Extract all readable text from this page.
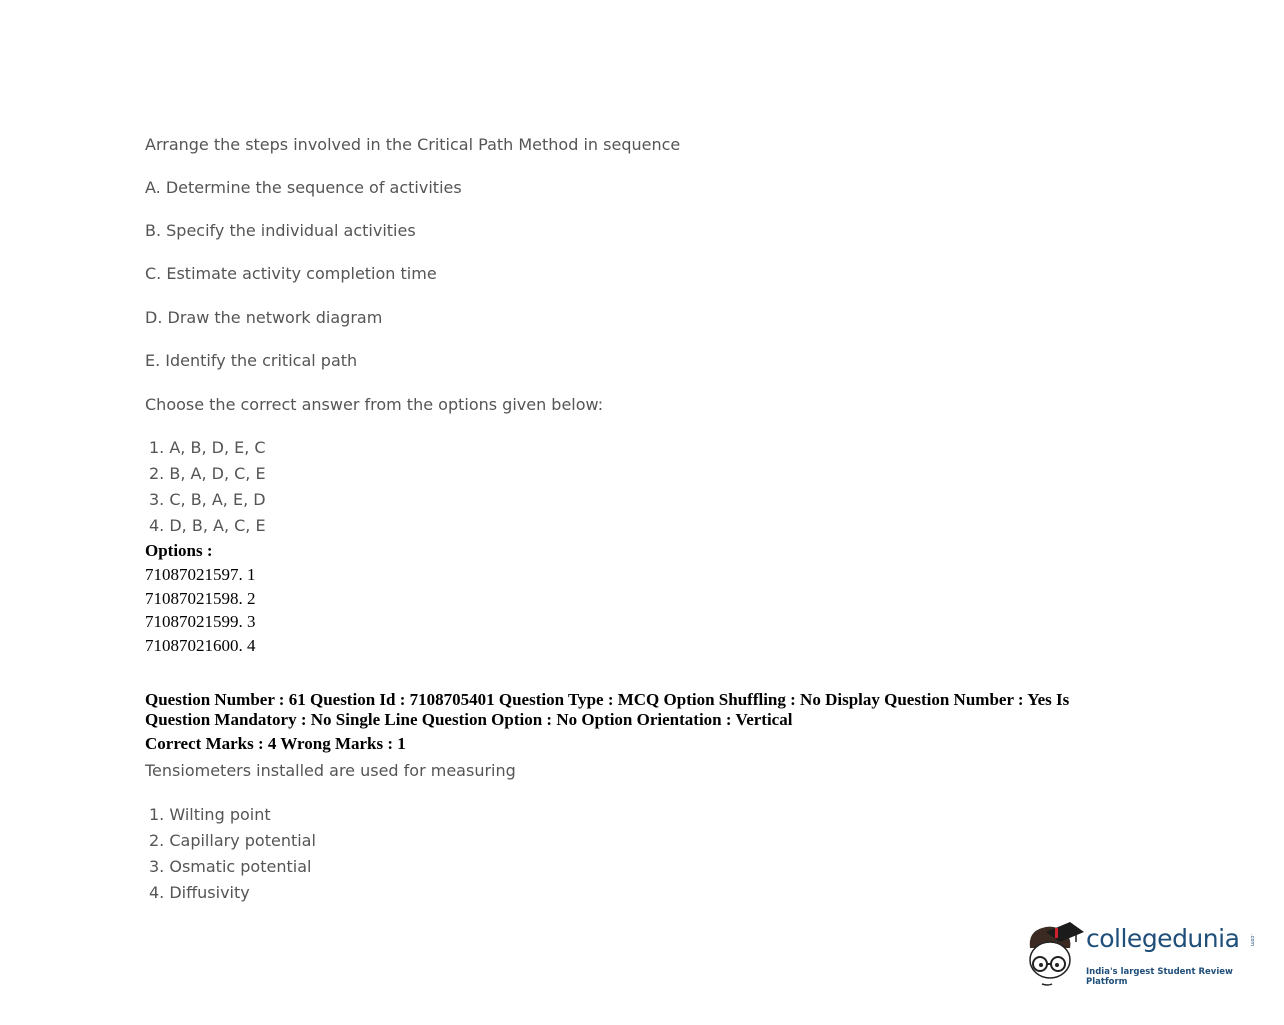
Arrange the steps involved in the Critical Path Method in sequence
A. Determine the sequence of activities
B. Specify the individual activities
C. Estimate activity completion time
D. Draw the network diagram
E. Identify the critical path
Choose the correct answer from the options given below:
1. A, B, D, E, C
2. B, A, D, C, E
3. C, B, A, E, D
4. D, B, A, C, E
Options :
71087021597. 1
71087021598. 2
71087021599. 3
71087021600. 4
Question Number : 61 Question Id : 7108705401 Question Type : MCQ Option Shuffling : No Display Question Number : Yes Is
Question Mandatory : No Single Line Question Option : No Option Orientation : Vertical
Correct Marks : 4 Wrong Marks : 1
Tensiometers installed are used for measuring
1. Wilting point
2. Capillary potential
3. Osmatic potential
4. Diffusivity
collegedunia .com
India's largest Student Review Platform
